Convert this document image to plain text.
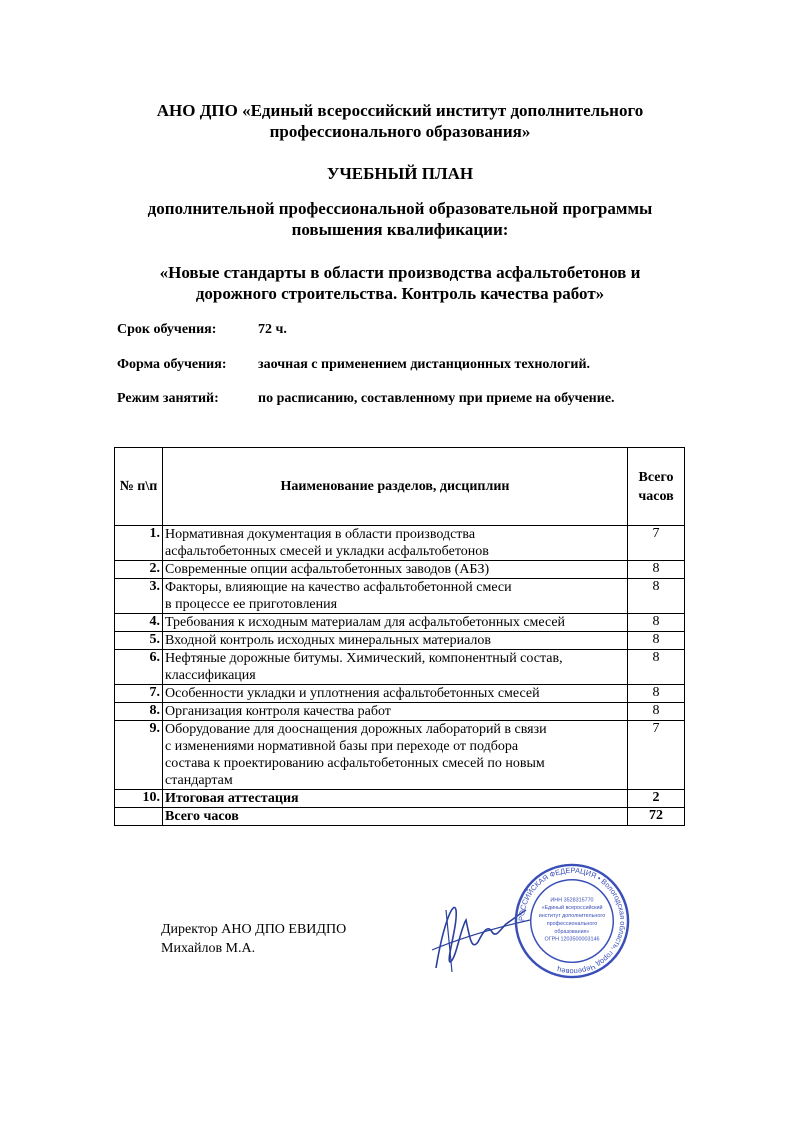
АНО ДПО «Единый всероссийский институт дополнительного
профессионального образования»
УЧЕБНЫЙ ПЛАН
дополнительной профессиональной образовательной программы
повышения квалификации:
«Новые стандарты в области производства асфальтобетонов и
дорожного строительства. Контроль качества работ»
Срок обучения:	72 ч.
Форма обучения: заочная с применением дистанционных технологий.
Режим занятий:	по расписанию, составленному при приеме на обучение.
№ п\п	Наименование разделов, дисциплин	Всего
часов

1.	Нормативная документация в области производства
асфальтобетонных смесей и укладки асфальтобетонов	7
2.	Современные опции асфальтобетонных заводов (АБЗ)	8
3.	Факторы, влияющие на качество асфальтобетонной смеси
в процессе ее приготовления	8
4.	Требования к исходным материалам для асфальтобетонных смесей	8
5.	Входной контроль исходных минеральных материалов	8
6.	Нефтяные дорожные битумы. Химический, компонентный состав,
классификация	8
7.	Особенности укладки и уплотнения асфальтобетонных смесей	8
8.	Организация контроля качества работ	8
9.	Оборудование для дооснащения дорожных лабораторий в связи
с изменениями нормативной базы при переходе от подбора
состава к проектированию асфальтобетонных смесей по новым
стандартам	7
10.	Итоговая аттестация	2
	Всего часов	72
Директор АНО ДПО ЕВИДПО
Михайлов М.А.
РОССИЙСКАЯ ФЕДЕРАЦИЯ • Вологодская область, город Череповец
ИНН 3528315770
«Единый всероссийский
институт дополнительного
профессионального
образования»
ОГРН 1203500003146
